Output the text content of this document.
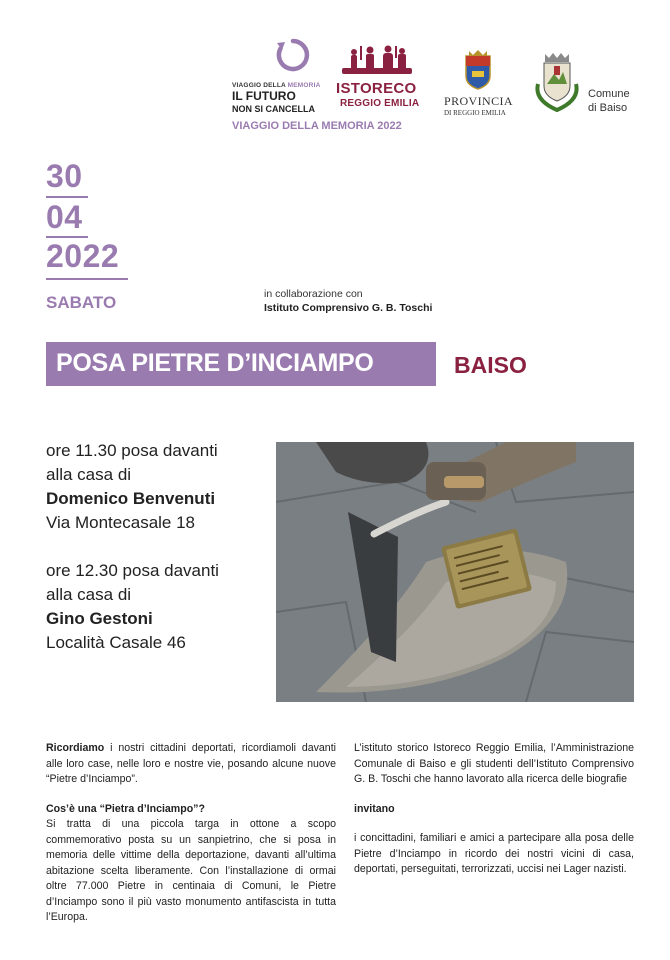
VIAGGIO DELLA MEMORIA
IL FUTURO
NON SI CANCELLA
ISTORECO
REGGIO EMILIA
VIAGGIO DELLA MEMORIA 2022
PROVINCIA
DI REGGIO EMILIA
Comune
di Baiso
30
04
2022
SABATO	in collaborazione con
Istituto Comprensivo G. B. Toschi
POSA PIETRE D’INCIAMPO	BAISO
ore 11.30 posa davanti
alla casa di
Domenico Benvenuti
Via Montecasale 18
ore 12.30 posa davanti
alla casa di
Gino Gestoni
Località Casale 46

Ricordiamo i nostri cittadini deportati, ricordiamoli davanti alle loro case, nelle loro e nostre vie, posando alcune nuove “Pietre d’Inciampo”.

Cos’è una “Pietra d’Inciampo”?

Si tratta di una piccola targa in ottone a scopo commemorativo posta su un sanpietrino, che si posa in memoria delle vittime della deportazione, davanti all’ultima abitazione scelta liberamente. Con l’installazione di ormai oltre 77.000 Pietre in centinaia di Comuni, le Pietre d’Inciampo sono il più vasto monumento antifascista in tutta l’Europa.

L’istituto storico Istoreco Reggio Emilia, l’Amministrazione Comunale di Baiso e gli studenti dell’Istituto Comprensivo G. B. Toschi che hanno lavorato alla ricerca delle biografie

invitano

i concittadini, familiari e amici a partecipare alla posa delle Pietre d’Inciampo in ricordo dei nostri vicini di casa, deportati, perseguitati, terrorizzati, uccisi nei Lager nazisti.
